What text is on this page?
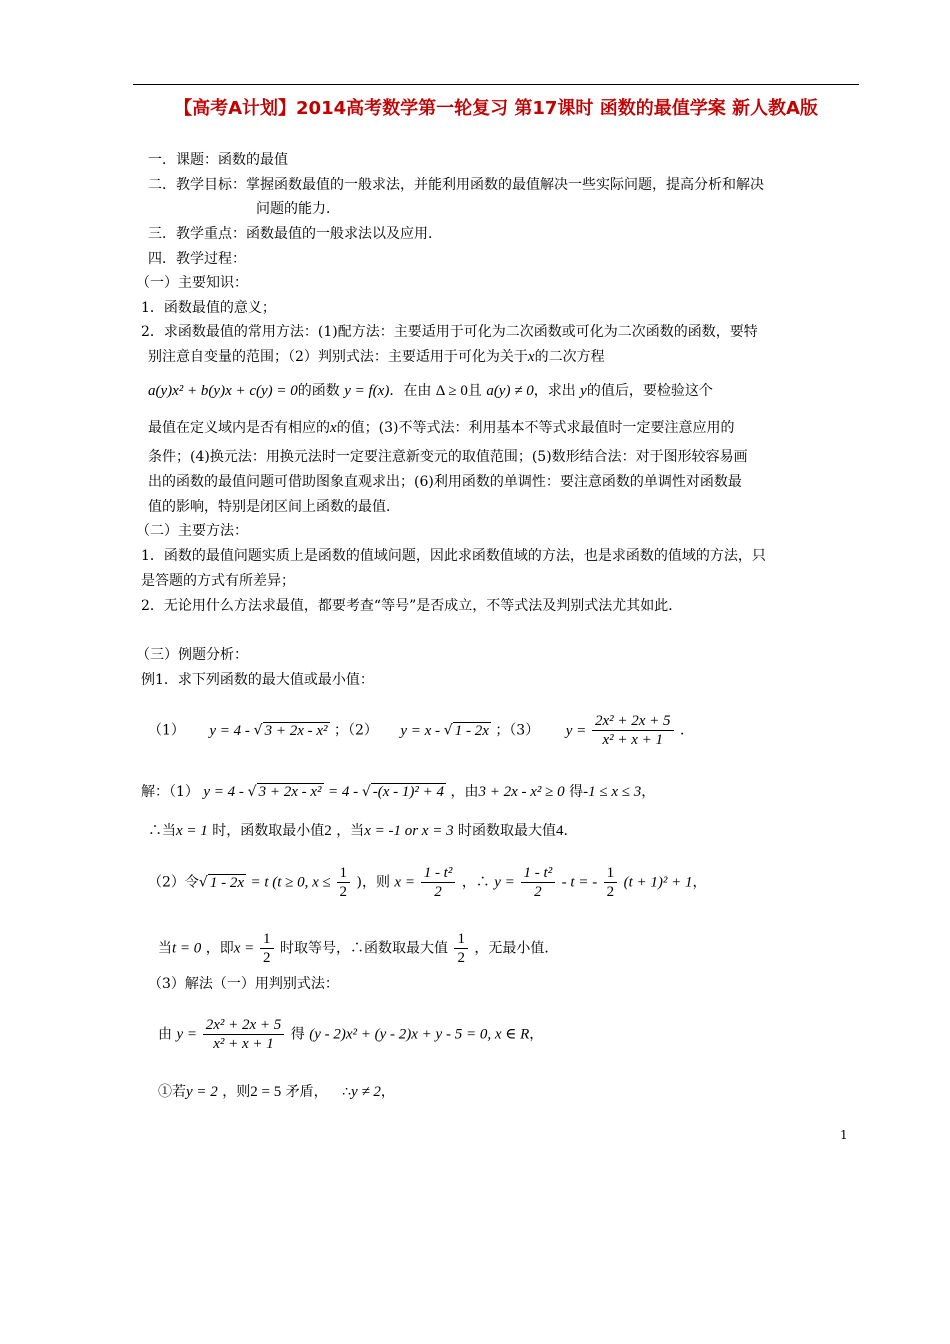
【高考A计划】2014高考数学第一轮复习 第17课时 函数的最值学案 新人教A版
一．课题：函数的最值
二．教学目标：掌握函数最值的一般求法，并能利用函数的最值解决一些实际问题，提高分析和解决
问题的能力．
三．教学重点：函数最值的一般求法以及应用．
四．教学过程：
（一）主要知识：
1．函数最值的意义；
2．求函数最值的常用方法：(1)配方法：主要适用于可化为二次函数或可化为二次函数的函数，要特
别注意自变量的范围；（2）判别式法：主要适用于可化为关于x的二次方程
a(y)x² + b(y)x + c(y) = 0的函数 y = f(x)．在由 Δ ≥ 0且 a(y) ≠ 0，求出 y的值后，要检验这个
最值在定义域内是否有相应的x的值；(3)不等式法：利用基本不等式求最值时一定要注意应用的
条件；(4)换元法：用换元法时一定要注意新变元的取值范围；(5)数形结合法：对于图形较容易画
出的函数的最值问题可借助图象直观求出；(6)利用函数的单调性：要注意函数的单调性对函数最
值的影响，特别是闭区间上函数的最值．
（二）主要方法：
1．函数的最值问题实质上是函数的值域问题，因此求函数值域的方法，也是求函数的值域的方法，只
是答题的方式有所差异；
2．无论用什么方法求最值，都要考查“等号”是否成立，不等式法及判别式法尤其如此．
（三）例题分析：
例1．求下列函数的最大值或最小值：
（1） y = 4 - √ 3 + 2x - x² ；（2） y = x - √ 1 - 2x ；（3） $y = \frac{\text{2x² + 2x + 5}}{\text{x² + x + 1}}$ ．
解：（1） y = 4 - √ 3 + 2x - x² = 4 - √ -(x - 1)² + 4 ，由3 + 2x - x² ≥ 0 得-1 ≤ x ≤ 3，
∴当x = 1 时，函数取最小值2 ，当x = -1 or x = 3 时函数取最大值4．
（2）令√ 1 - 2x = t (t ≥ 0, $x \le \frac{1}{2}$ )，则 $x = \frac{\text{1 - t²}}{2}$ ，∴ $y = \frac{\text{1 - t²}}{2} - t$ = - $\frac{1}{2} (t + 1)^2 + 1$，
当t = 0 ，即$x = \frac{1}{2}$ 时取等号，∴函数取最大值 $\frac{1}{2}$ ，无最小值．
（3）解法（一）用判别式法：
由 $y = \frac{\text{2x² + 2x + 5}}{\text{x² + x + 1}}$ 得 (y - 2)x² + (y - 2)x + y - 5 = 0, x ∈ R，
①若y = 2 ，则2 = 5 矛盾， ∴y ≠ 2，
1
